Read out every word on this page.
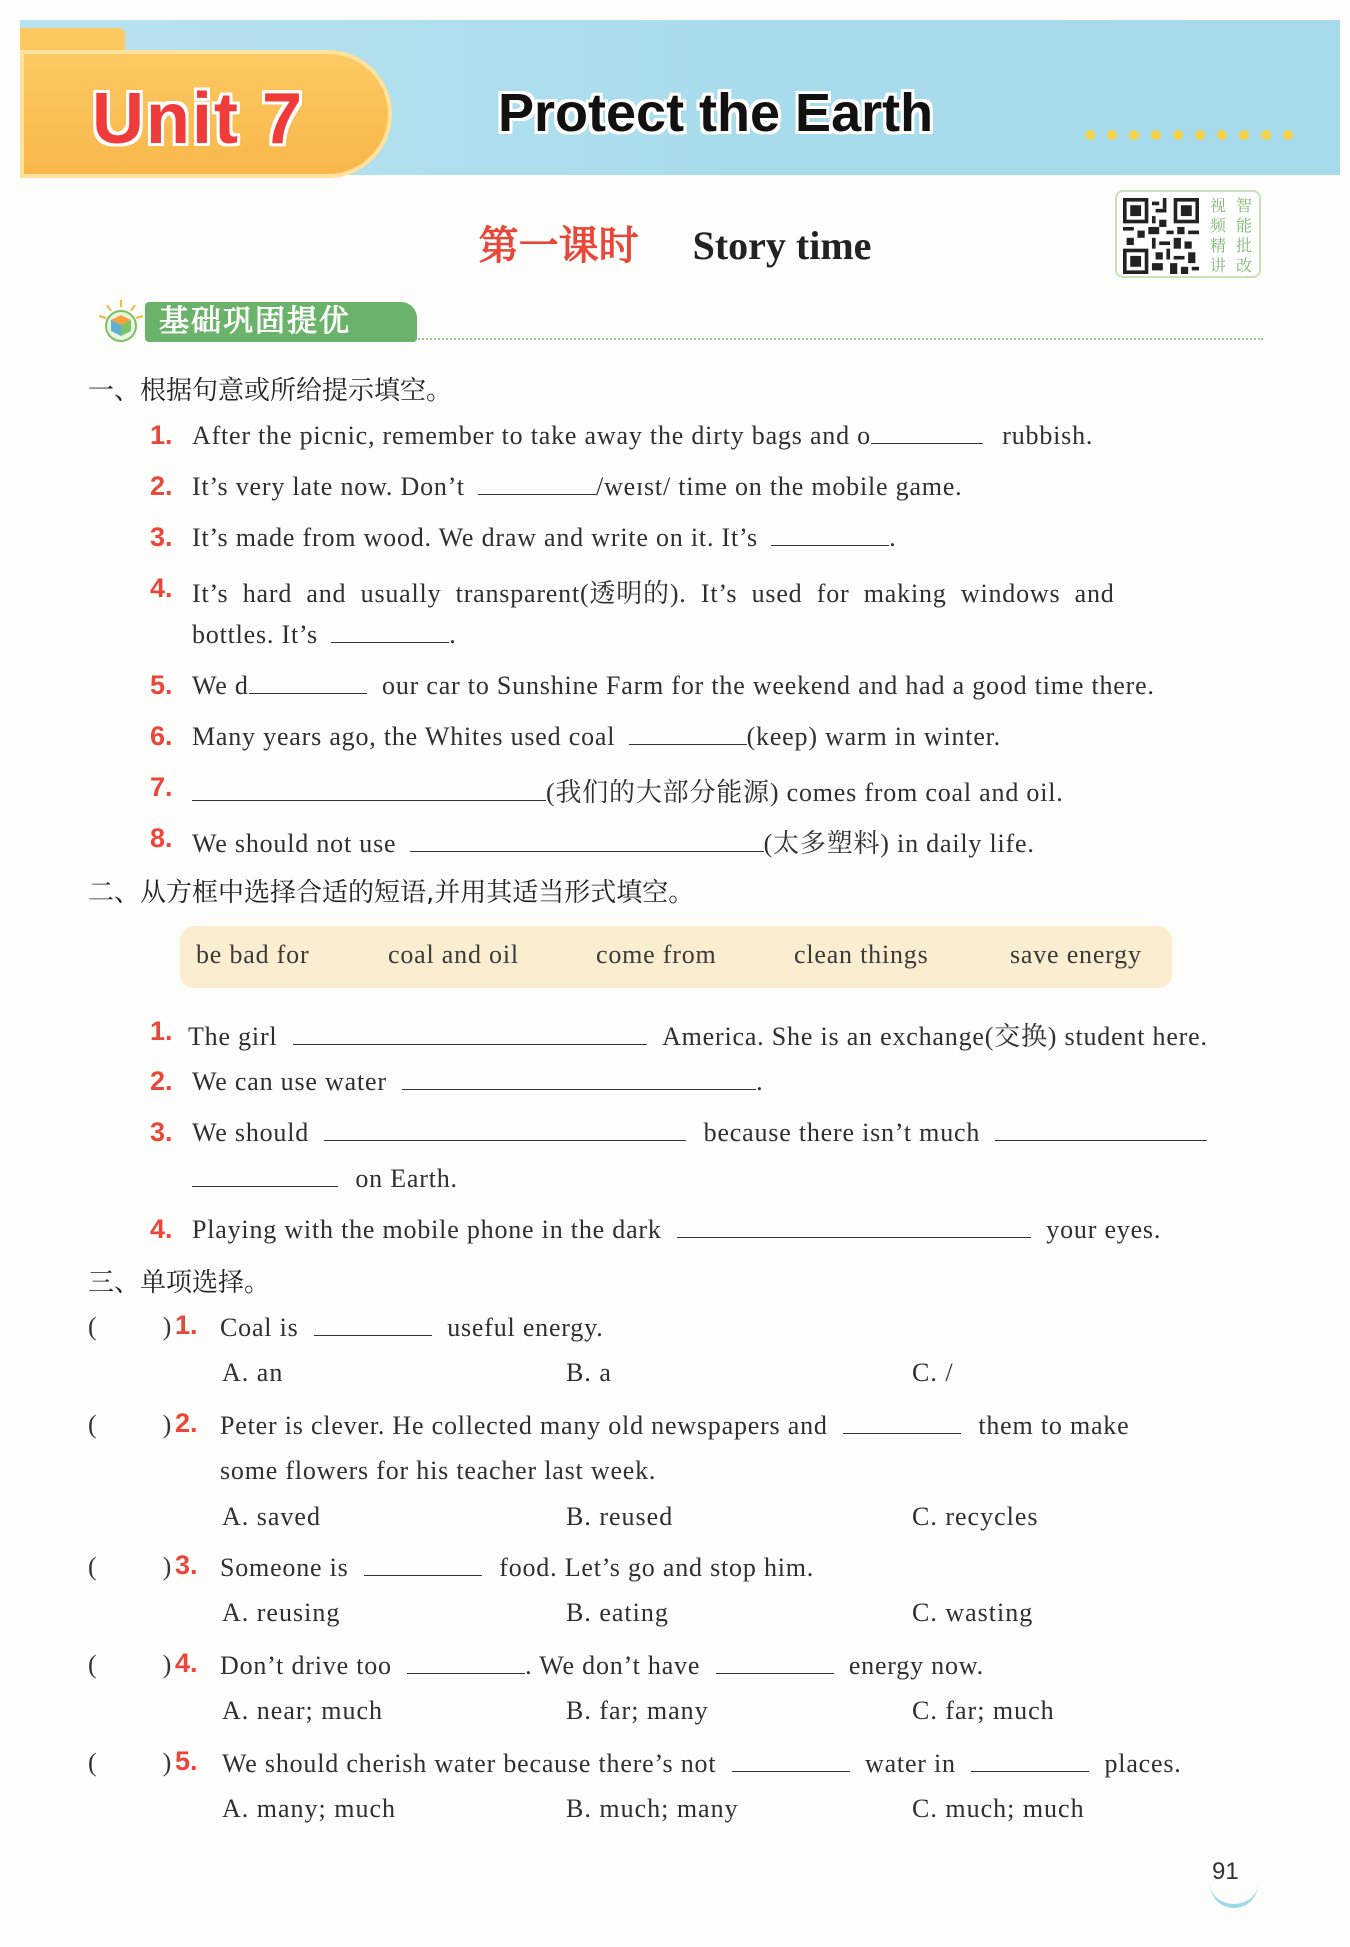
Unit 7	Protect the Earth
第一课时 Story time
视 智
频 能
精 批
讲 改
基础巩固提优
一、根据句意或所给提示填空。
1. After the picnic, remember to take away the dirty bags and o	rubbish.
2. It’s very late now. Don’t	/weɪst/ time on the mobile game.
3. It’s made from wood. We draw and write on it. It’s	.
4. It’s hard and usually transparent(透明的). It’s used for making windows and
bottles. It’s	.
5. We d	our car to Sunshine Farm for the weekend and had a good time there.
6. Many years ago, the Whites used coal	(keep) warm in winter.
7.	(我们的大部分能源) comes from coal and oil.
8. We should not use	(太多塑料) in daily life.
二、从方框中选择合适的短语,并用其适当形式填空。
be bad for	coal and oil	come from	clean things	save energy
1. The girl	America. She is an exchange(交换) student here.
2. We can use water	.
3. We should	because there isn’t much
on Earth.
4. Playing with the mobile phone in the dark	your eyes.
三、单项选择。
(	) 1. Coal is	useful energy.
A. an	B. a	C. /
(	) 2. Peter is clever. He collected many old newspapers and	them to make
some flowers for his teacher last week.
A. saved	B. reused	C. recycles
(	) 3. Someone is	food. Let’s go and stop him.
A. reusing	B. eating	C. wasting
(	) 4. Don’t drive too	. We don’t have	energy now.
A. near; much	B. far; many	C. far; much
(	) 5. We should cherish water because there’s not	water in	places.
A. many; much	B. much; many	C. much; much
91
